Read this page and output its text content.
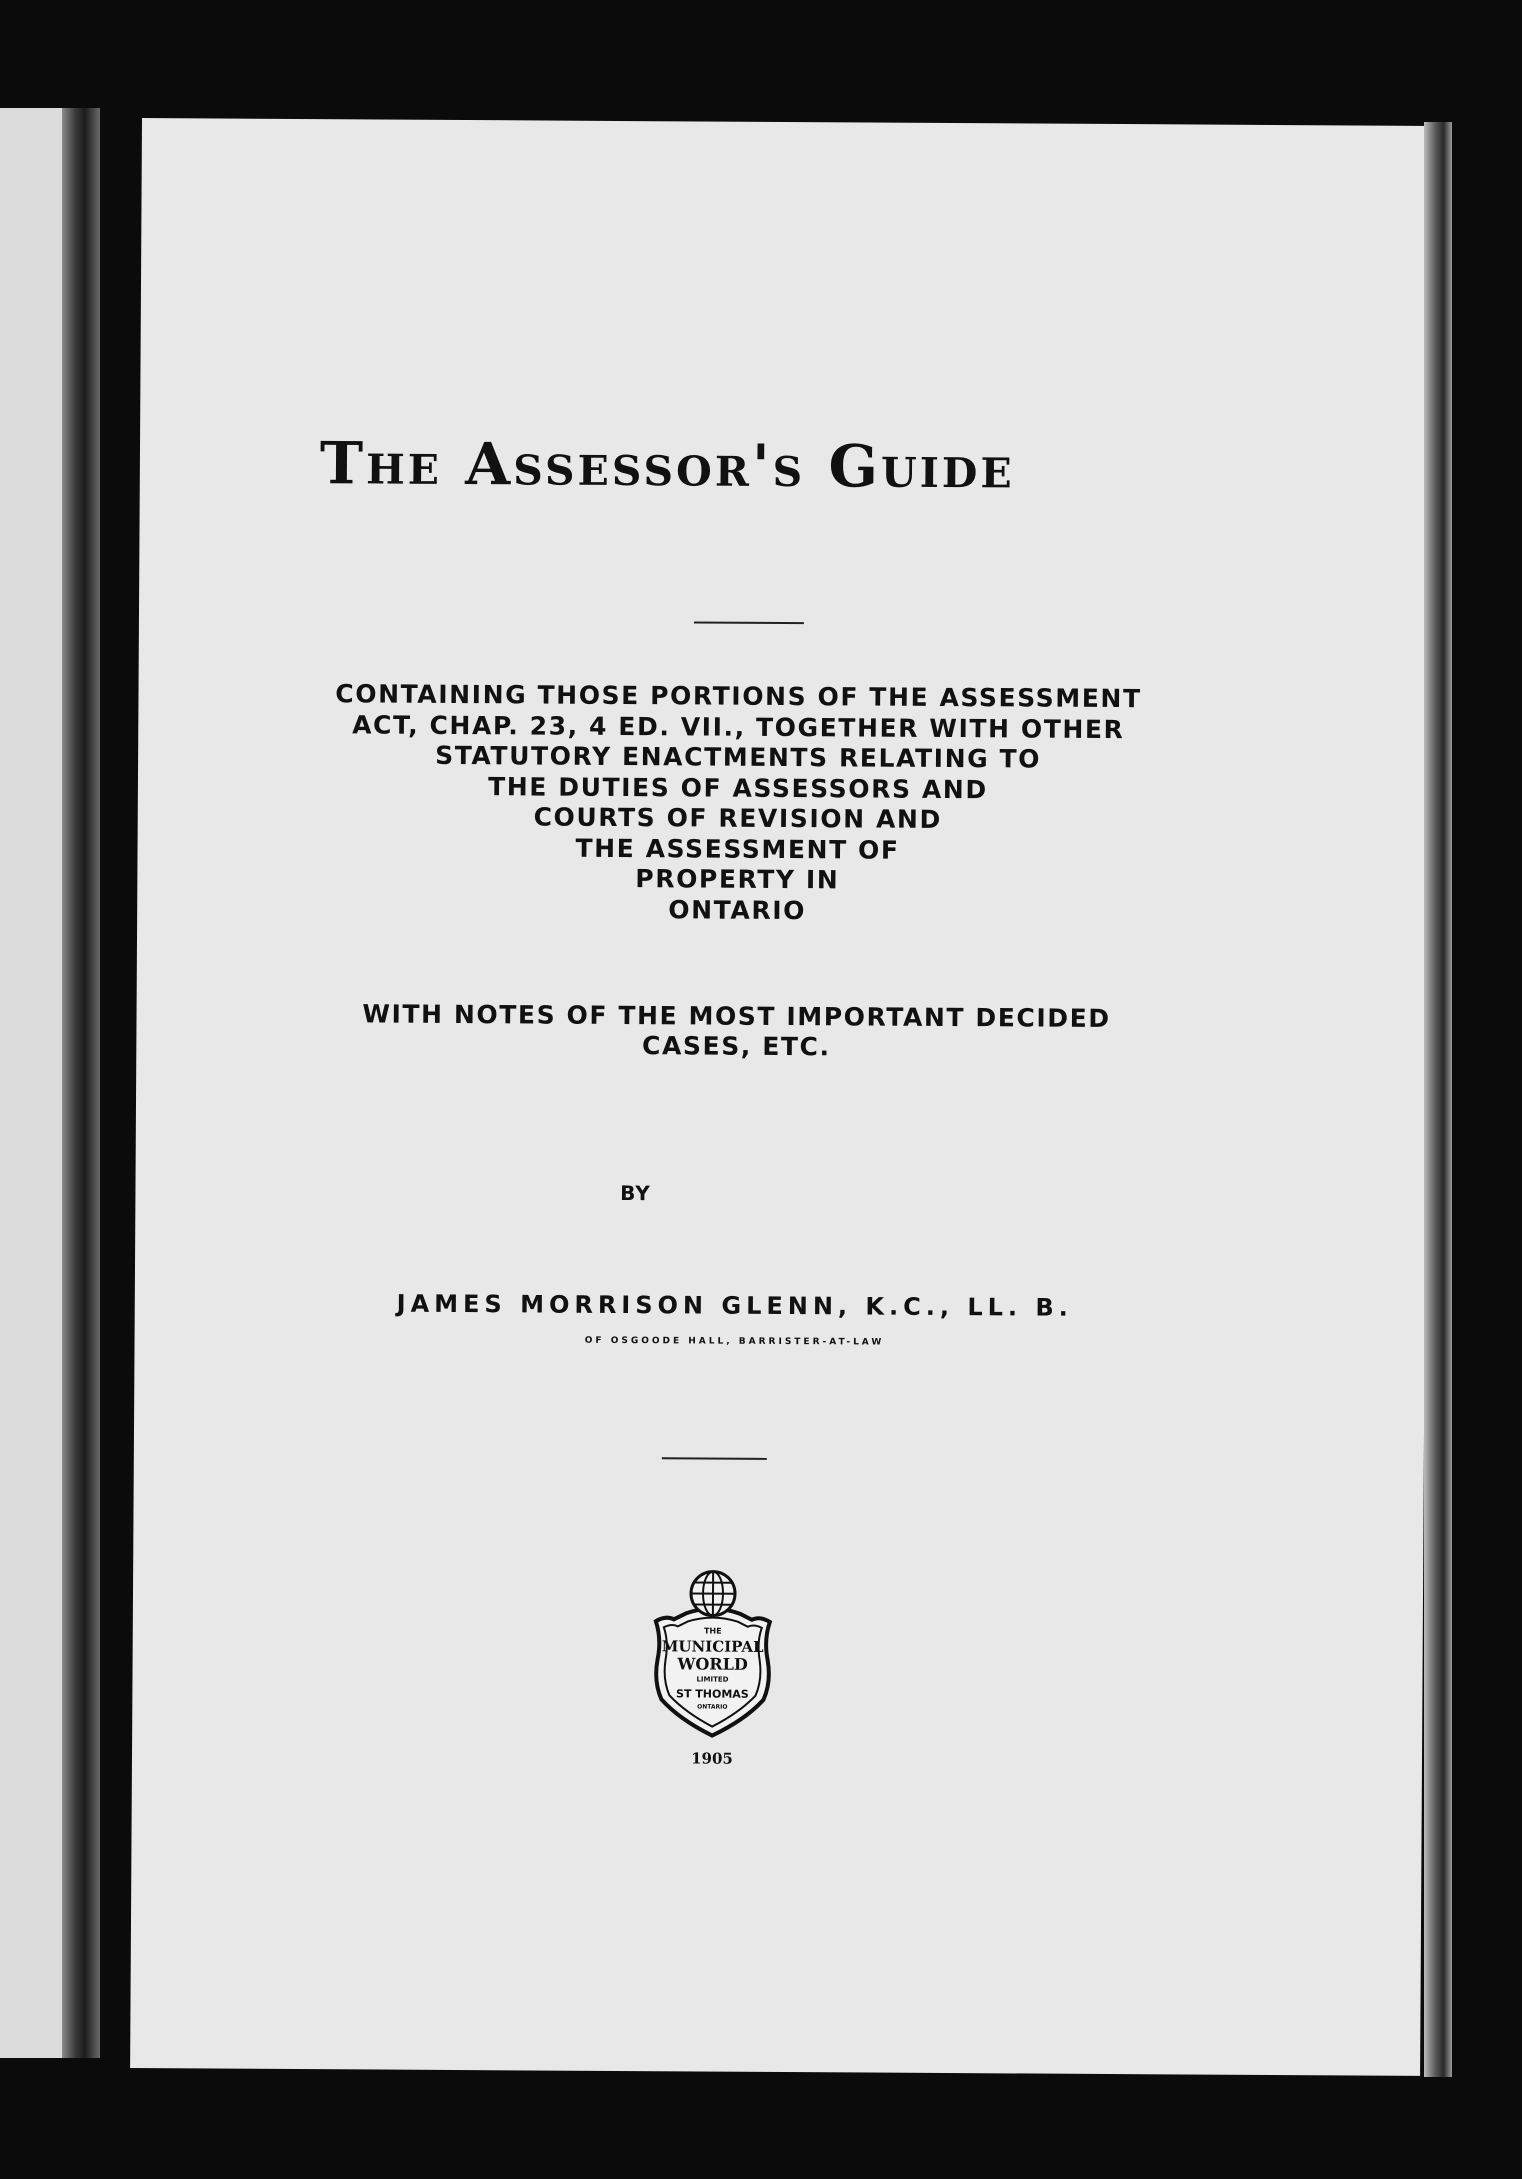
The Assessor's Guide
CONTAINING THOSE PORTIONS OF THE ASSESSMENT
ACT, CHAP. 23, 4 ED. VII., TOGETHER WITH OTHER
STATUTORY ENACTMENTS RELATING TO
THE DUTIES OF ASSESSORS AND
COURTS OF REVISION AND
THE ASSESSMENT OF
PROPERTY IN
ONTARIO
WITH NOTES OF THE MOST IMPORTANT DECIDED
CASES, ETC.
BY
JAMES MORRISON GLENN, K.C., LL. B.
OF OSGOODE HALL, BARRISTER-AT-LAW
THE
MUNICIPAL
WORLD
LIMITED
ST THOMAS
ONTARIO
1905
